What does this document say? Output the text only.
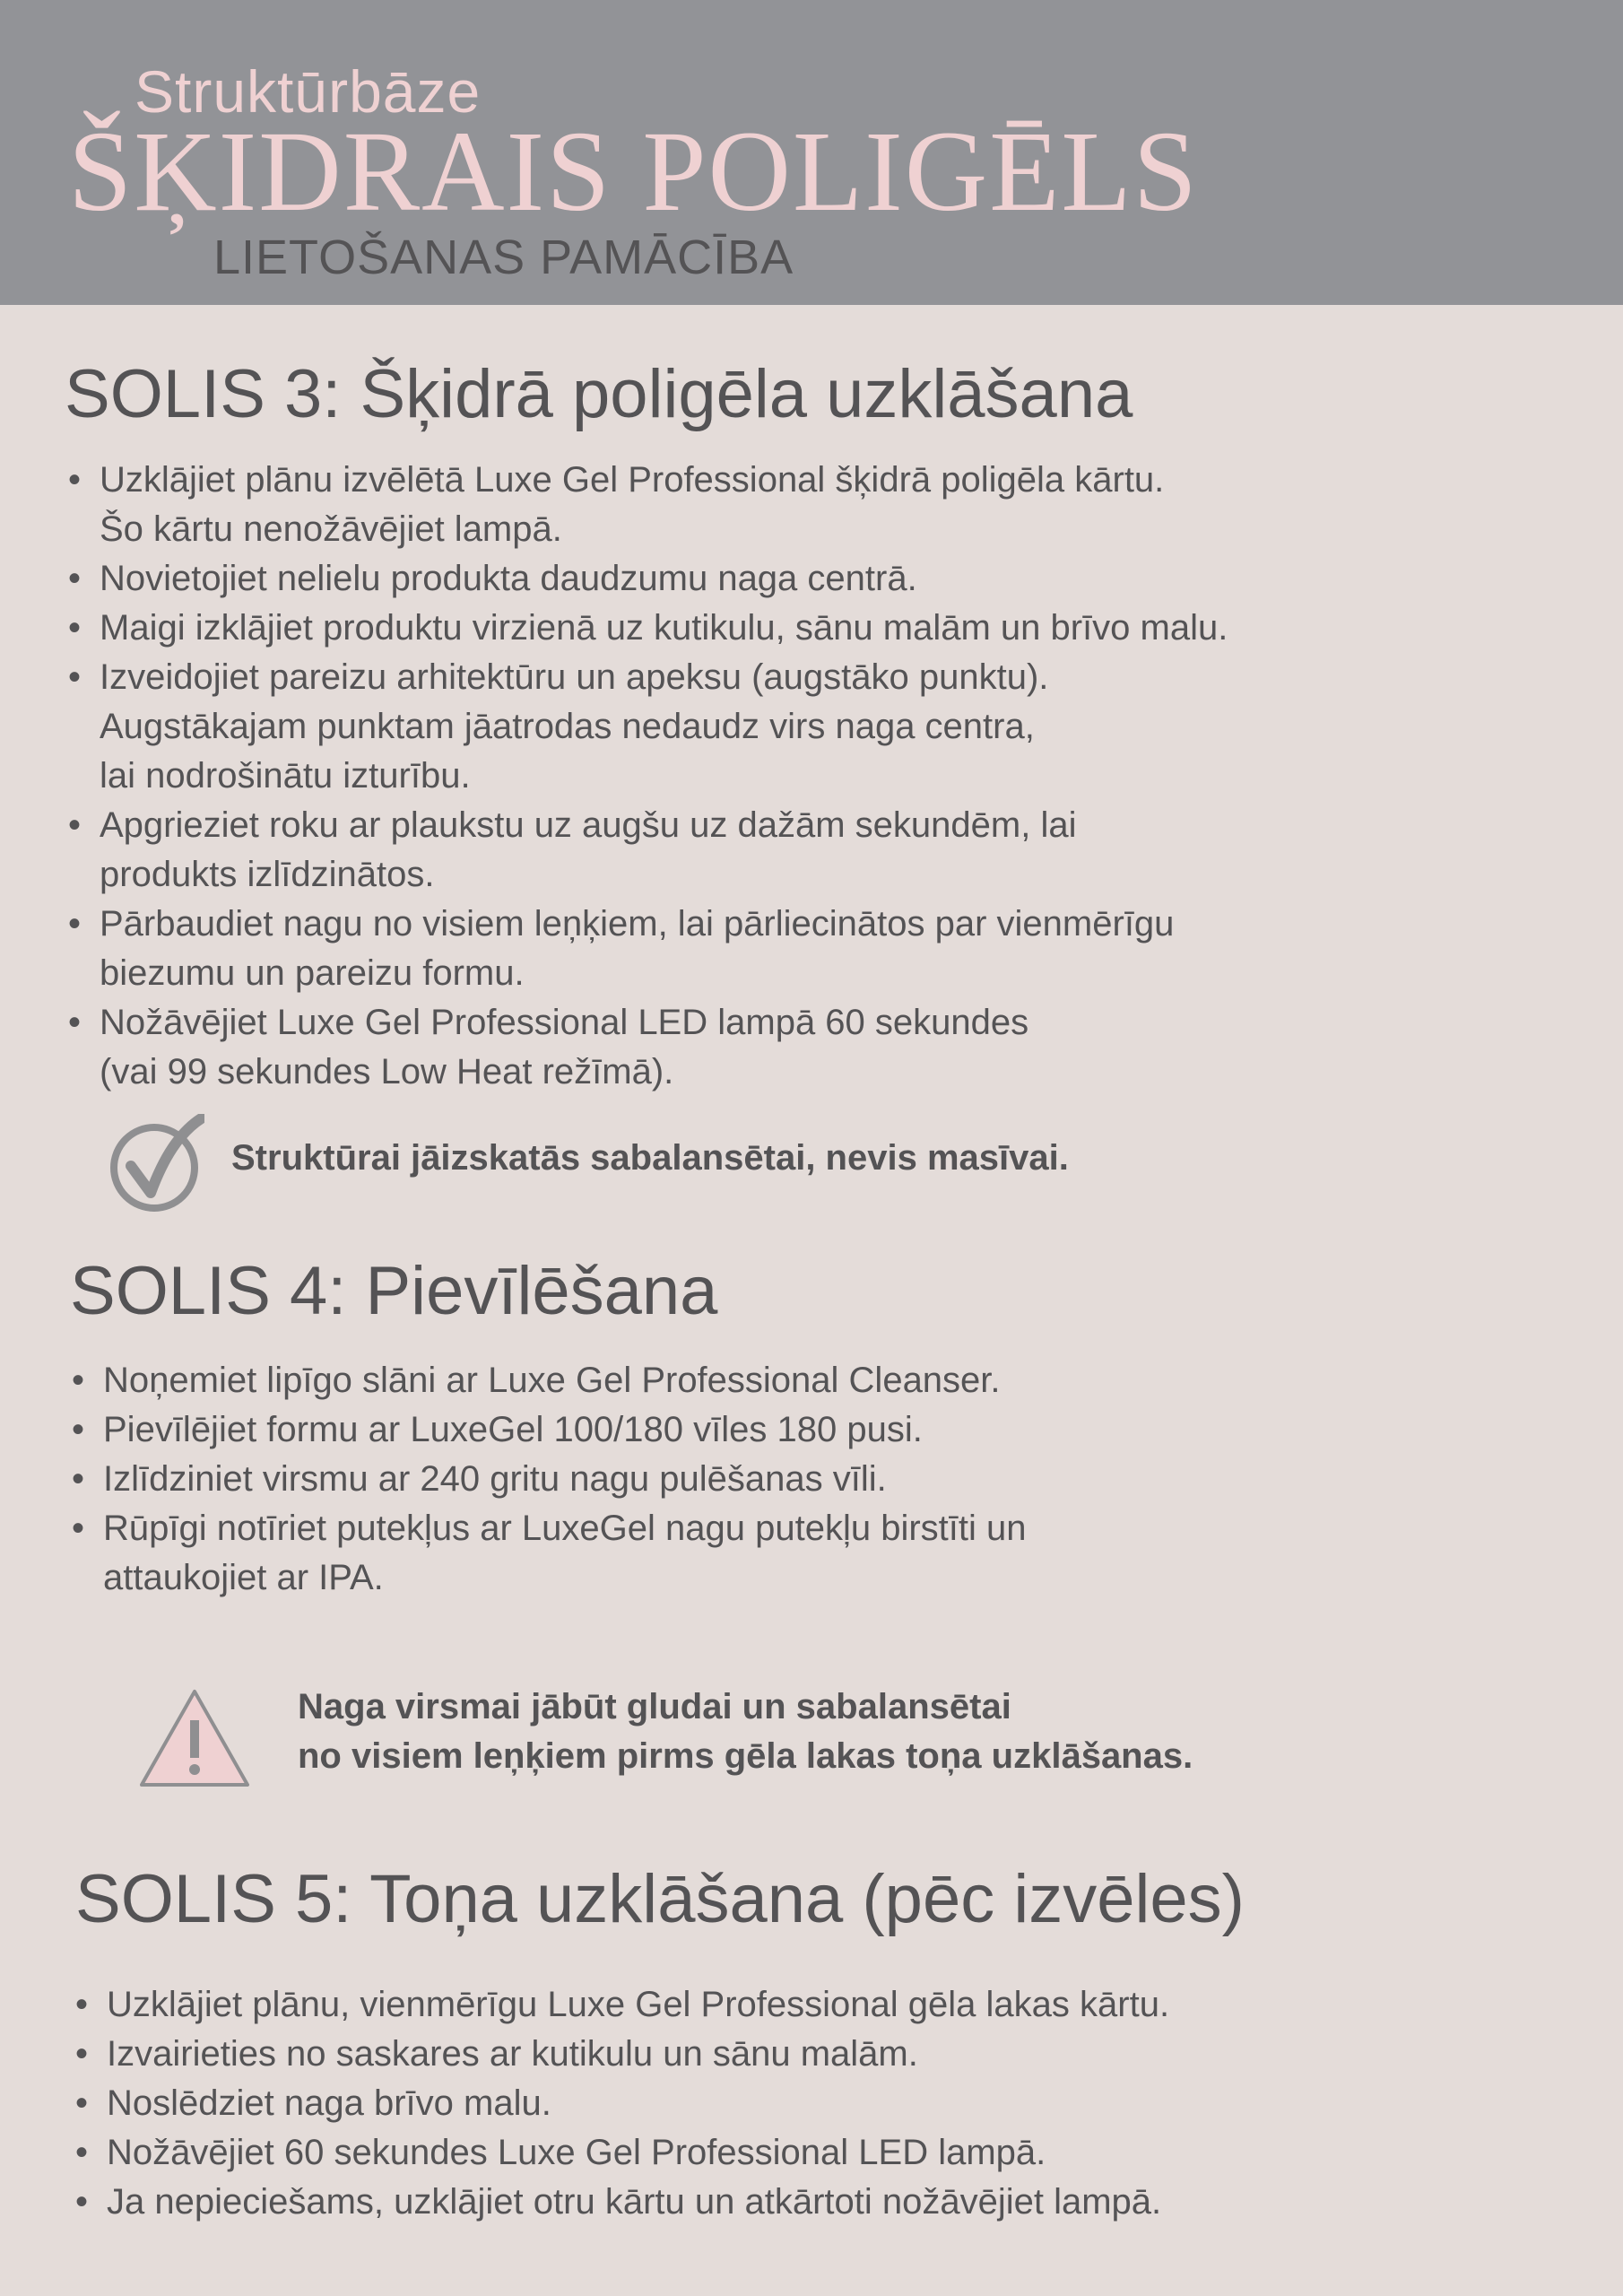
Struktūrbāze
ŠĶIDRAIS POLIGĒLS
LIETOŠANAS PAMĀCĪBA
SOLIS 3: Šķidrā poligēla uzklāšana
• Uzklājiet plānu izvēlētā Luxe Gel Professional šķidrā poligēla kārtu.
Šo kārtu nenožāvējiet lampā.
• Novietojiet nelielu produkta daudzumu naga centrā.
• Maigi izklājiet produktu virzienā uz kutikulu, sānu malām un brīvo malu.
• Izveidojiet pareizu arhitektūru un apeksu (augstāko punktu).
Augstākajam punktam jāatrodas nedaudz virs naga centra,
lai nodrošinātu izturību.
• Apgrieziet roku ar plaukstu uz augšu uz dažām sekundēm, lai
produkts izlīdzinātos.
• Pārbaudiet nagu no visiem leņķiem, lai pārliecinātos par vienmērīgu
biezumu un pareizu formu.
• Nožāvējiet Luxe Gel Professional LED lampā 60 sekundes
(vai 99 sekundes Low Heat režīmā).
Struktūrai jāizskatās sabalansētai, nevis masīvai.
SOLIS 4: Pievīlēšana
• Noņemiet lipīgo slāni ar Luxe Gel Professional Cleanser.
• Pievīlējiet formu ar LuxeGel 100/180 vīles 180 pusi.
• Izlīdziniet virsmu ar 240 gritu nagu pulēšanas vīli.
• Rūpīgi notīriet putekļus ar LuxeGel nagu putekļu birstīti un
attaukojiet ar IPA.
Naga virsmai jābūt gludai un sabalansētai
no visiem leņķiem pirms gēla lakas toņa uzklāšanas.
SOLIS 5: Toņa uzklāšana (pēc izvēles)
• Uzklājiet plānu, vienmērīgu Luxe Gel Professional gēla lakas kārtu.
• Izvairieties no saskares ar kutikulu un sānu malām.
• Noslēdziet naga brīvo malu.
• Nožāvējiet 60 sekundes Luxe Gel Professional LED lampā.
• Ja nepieciešams, uzklājiet otru kārtu un atkārtoti nožāvējiet lampā.
